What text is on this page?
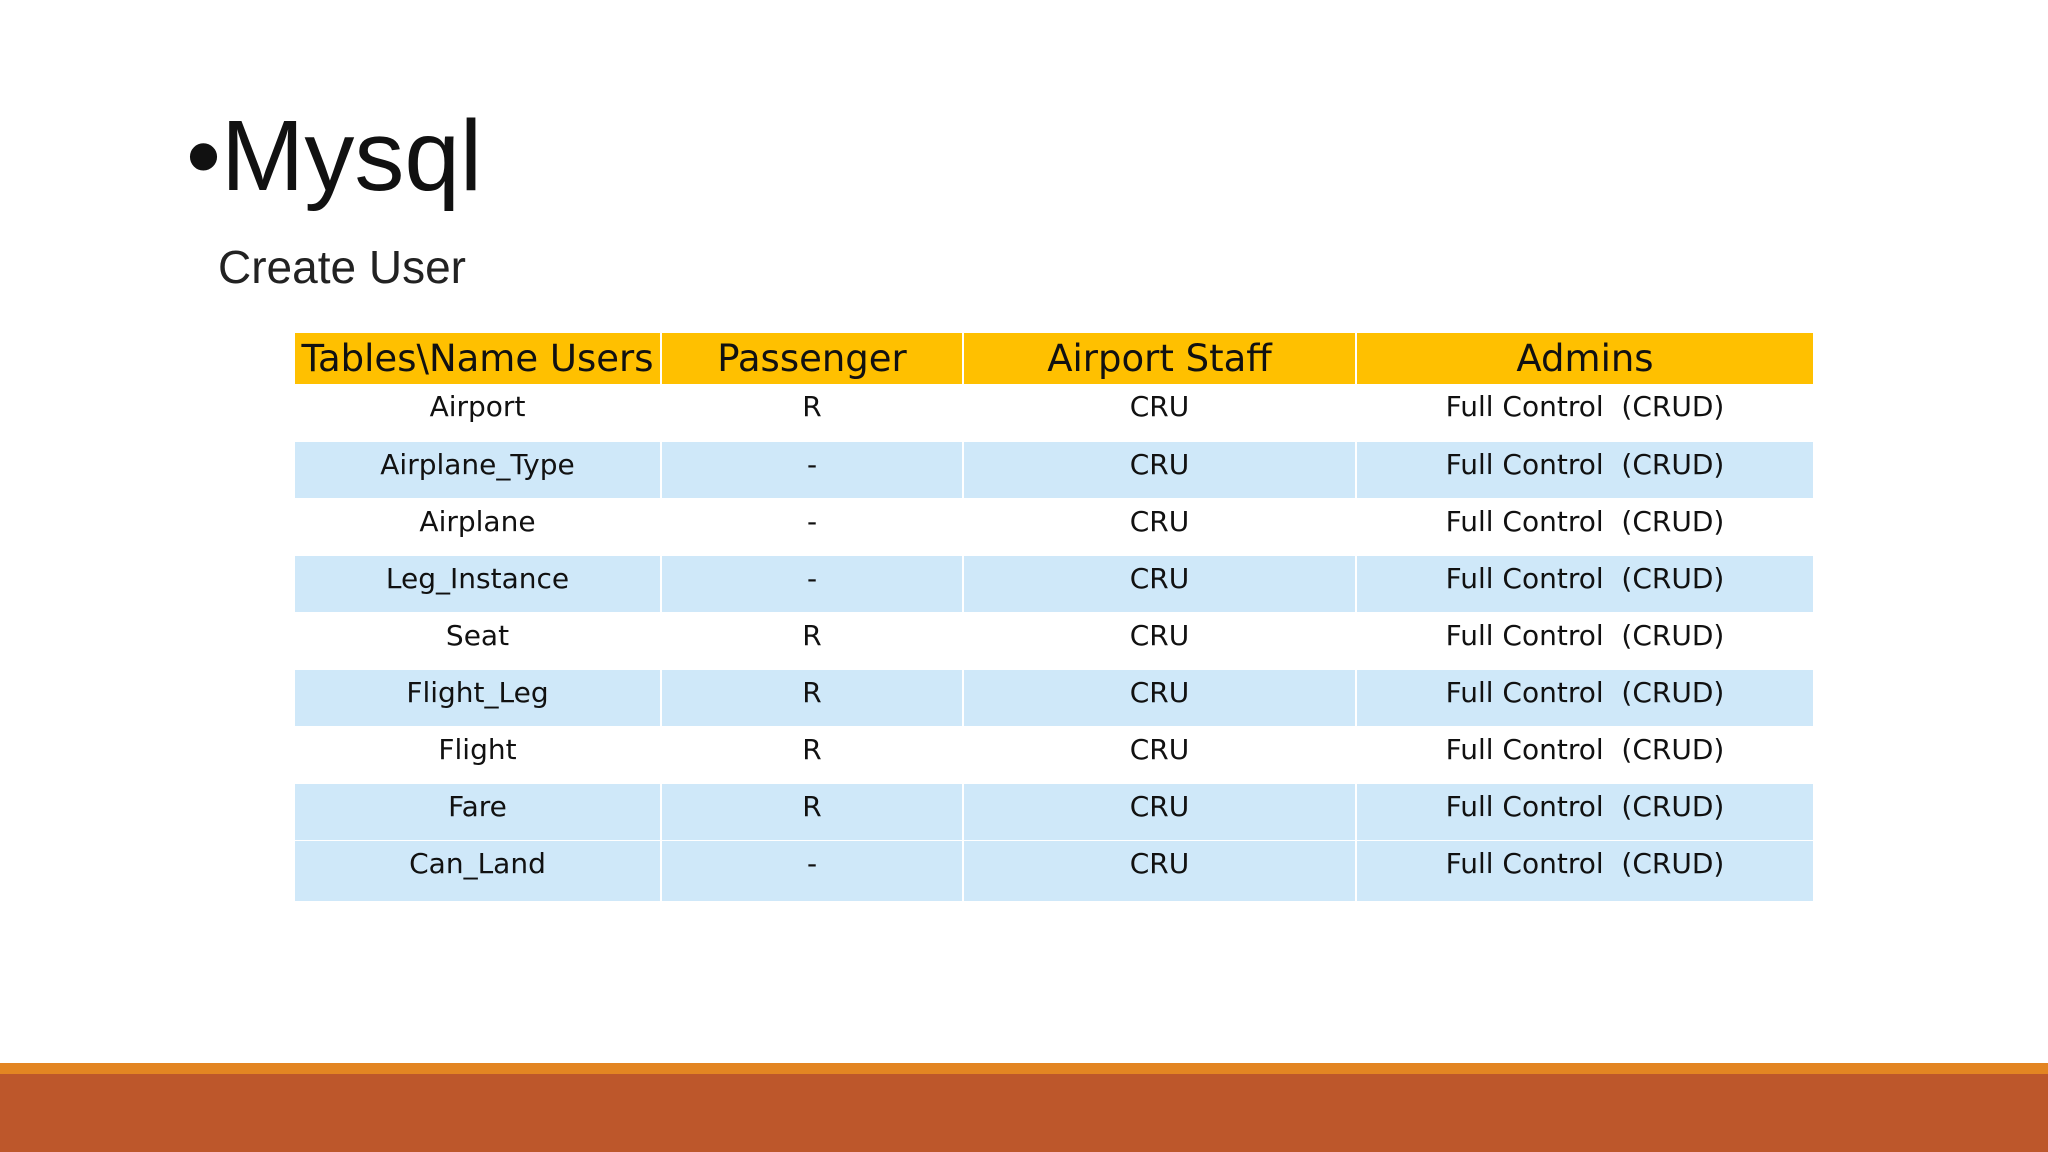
• Mysql
Create User
Tables\Name Users	Passenger	Airport Staff	Admins
Airport	R	CRU	Full Control  (CRUD)
Airplane_Type	-	CRU	Full Control  (CRUD)
Airplane	-	CRU	Full Control  (CRUD)
Leg_Instance	-	CRU	Full Control  (CRUD)
Seat	R	CRU	Full Control  (CRUD)
Flight_Leg	R	CRU	Full Control  (CRUD)
Flight	R	CRU	Full Control  (CRUD)
Fare	R	CRU	Full Control  (CRUD)
Can_Land	-	CRU	Full Control  (CRUD)
